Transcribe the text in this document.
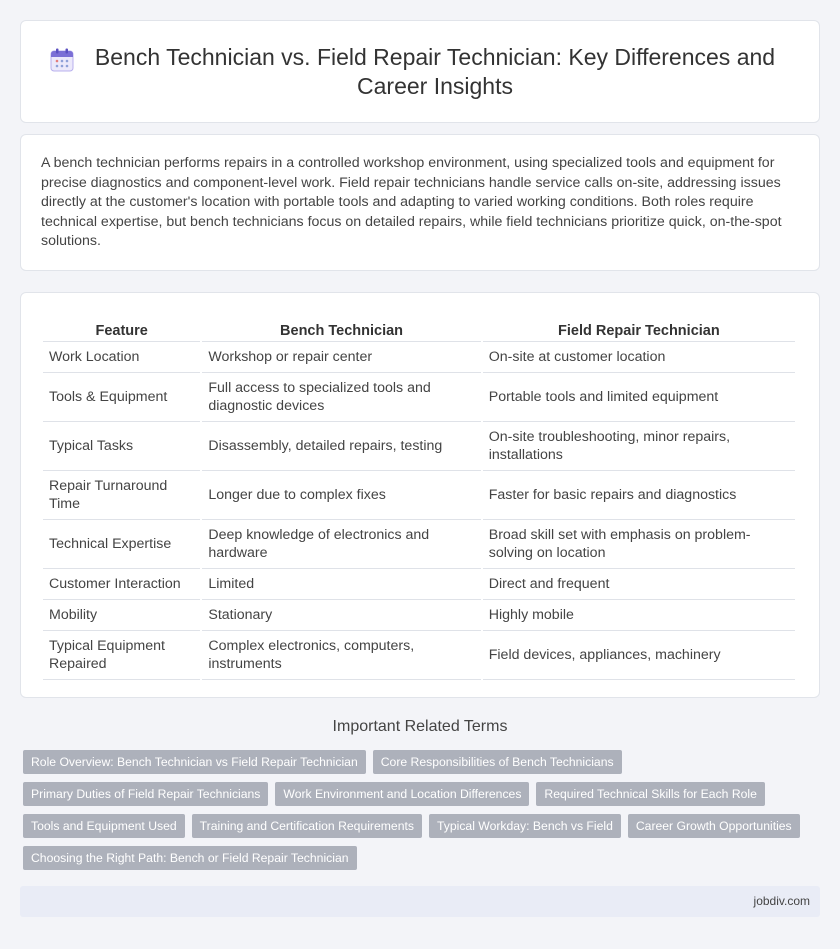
Bench Technician vs. Field Repair Technician: Key Differences and Career Insights

A bench technician performs repairs in a controlled workshop environment, using specialized tools and equipment for precise diagnostics and component-level work. Field repair technicians handle service calls on-site, addressing issues directly at the customer's location with portable tools and adapting to varied working conditions. Both roles require technical expertise, but bench technicians focus on detailed repairs, while field technicians prioritize quick, on-the-spot solutions.

Feature	Bench Technician	Field Repair Technician
Work Location	Workshop or repair center	On-site at customer location
Tools & Equipment	Full access to specialized tools and diagnostic devices	Portable tools and limited equipment
Typical Tasks	Disassembly, detailed repairs, testing	On-site troubleshooting, minor repairs, installations
Repair Turnaround Time	Longer due to complex fixes	Faster for basic repairs and diagnostics
Technical Expertise	Deep knowledge of electronics and hardware	Broad skill set with emphasis on problem-solving on location
Customer Interaction	Limited	Direct and frequent
Mobility	Stationary	Highly mobile
Typical Equipment Repaired	Complex electronics, computers, instruments	Field devices, appliances, machinery
Important Related Terms
Role Overview: Bench Technician vs Field Repair Technician	Core Responsibilities of Bench Technicians
Primary Duties of Field Repair Technicians	Work Environment and Location Differences	Required Technical Skills for Each Role
Tools and Equipment Used	Training and Certification Requirements	Typical Workday: Bench vs Field	Career Growth Opportunities
Choosing the Right Path: Bench or Field Repair Technician
jobdiv.com
